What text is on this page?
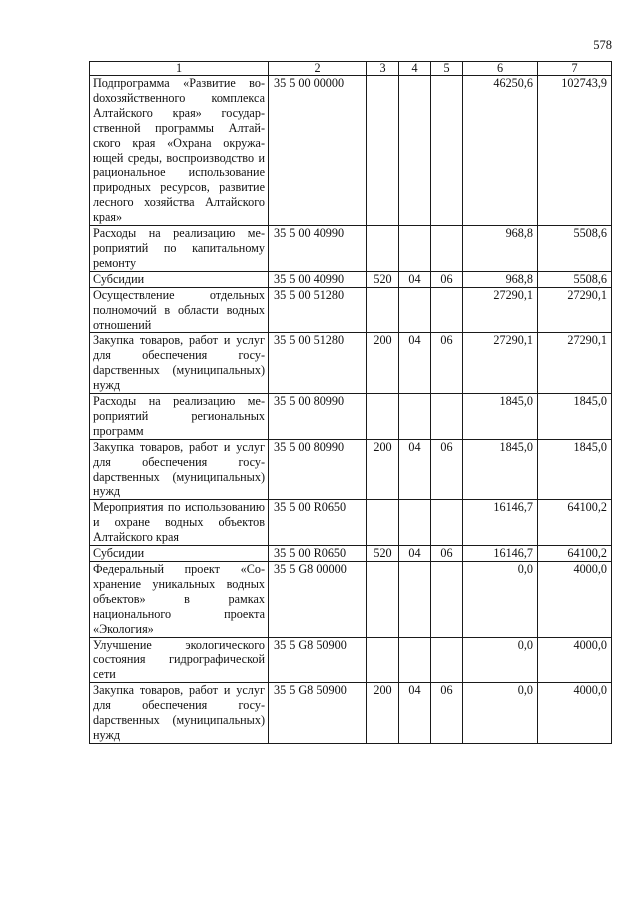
578
1	2	3	4	5	6	7
Подпрограмма «Развитие воdохозяйственного комплекса Алтайского края» государственной программы Алтайского края «Охрана окружающей среды, воспроизводство и рациональное использование природных ресурсов, развитие лесного хозяйства Алтайского края»	35 5 00 00000				46250,6	102743,9
Расходы на реализацию мероприятий по капитальному ремонту	35 5 00 40990				968,8	5508,6
Субсидии	35 5 00 40990	520	04	06	968,8	5508,6
Осуществление отдельных полномочий в области водных отношений	35 5 00 51280				27290,1	27290,1
Закупка товаров, работ и услуг для обеспечения госуdарственных (муниципальных) нужд	35 5 00 51280	200	04	06	27290,1	27290,1
Расходы на реализацию мероприятий региональных программ	35 5 00 80990				1845,0	1845,0
Закупка товаров, работ и услуг для обеспечения госуdарственных (муниципальных) нужд	35 5 00 80990	200	04	06	1845,0	1845,0
Мероприятия по использованию и охране водных объектов Алтайского края	35 5 00 R0650				16146,7	64100,2
Субсидии	35 5 00 R0650	520	04	06	16146,7	64100,2
Федеральный проект «Сохранение уникальных водных объектов» в рамках национального проекта «Экология»	35 5 G8 00000				0,0	4000,0
Улучшение экологического состояния гидрографической сети	35 5 G8 50900				0,0	4000,0
Закупка товаров, работ и услуг для обеспечения госуdарственных (муниципальных) нужд	35 5 G8 50900	200	04	06	0,0	4000,0
